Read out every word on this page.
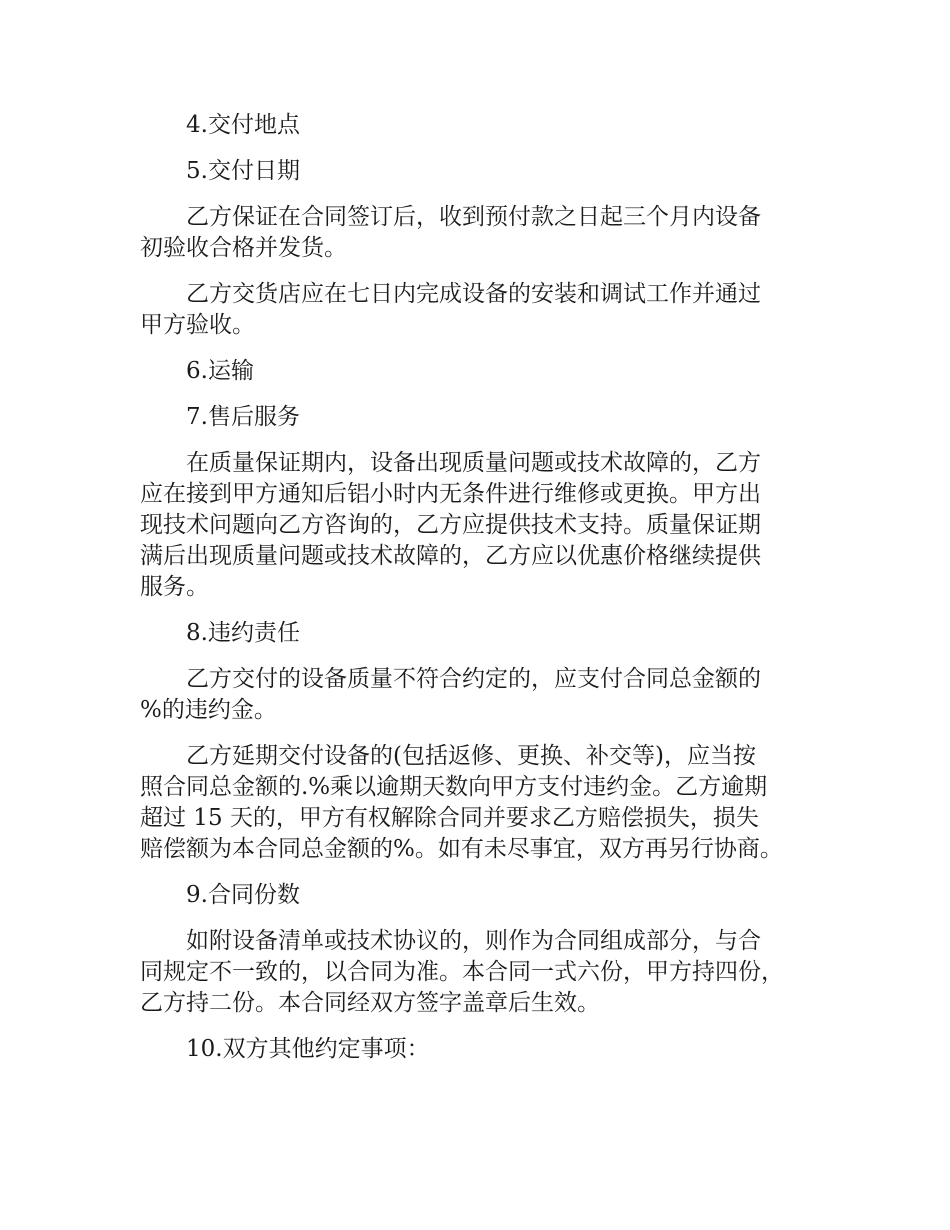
4.交付地点

5.交付日期

乙方保证在合同签订后，收到预付款之日起三个月内设备
初验收合格并发货。

乙方交货店应在七日内完成设备的安装和调试工作并通过
甲方验收。

6.运输

7.售后服务

在质量保证期内，设备出现质量问题或技术故障的，乙方
应在接到甲方通知后铝小时内无条件进行维修或更换。甲方出
现技术问题向乙方咨询的，乙方应提供技术支持。质量保证期
满后出现质量问题或技术故障的，乙方应以优惠价格继续提供
服务。

8.违约责任

乙方交付的设备质量不符合约定的，应支付合同总金额的
%的违约金。

乙方延期交付设备的(包括返修、更换、补交等)，应当按
照合同总金额的.%乘以逾期天数向甲方支付违约金。乙方逾期
超过 15 天的，甲方有权解除合同并要求乙方赔偿损失，损失
赔偿额为本合同总金额的%。如有未尽事宜，双方再另行协商。

9.合同份数

如附设备清单或技术协议的，则作为合同组成部分，与合
同规定不一致的，以合同为准。本合同一式六份，甲方持四份，
乙方持二份。本合同经双方签字盖章后生效。

10.双方其他约定事项：
